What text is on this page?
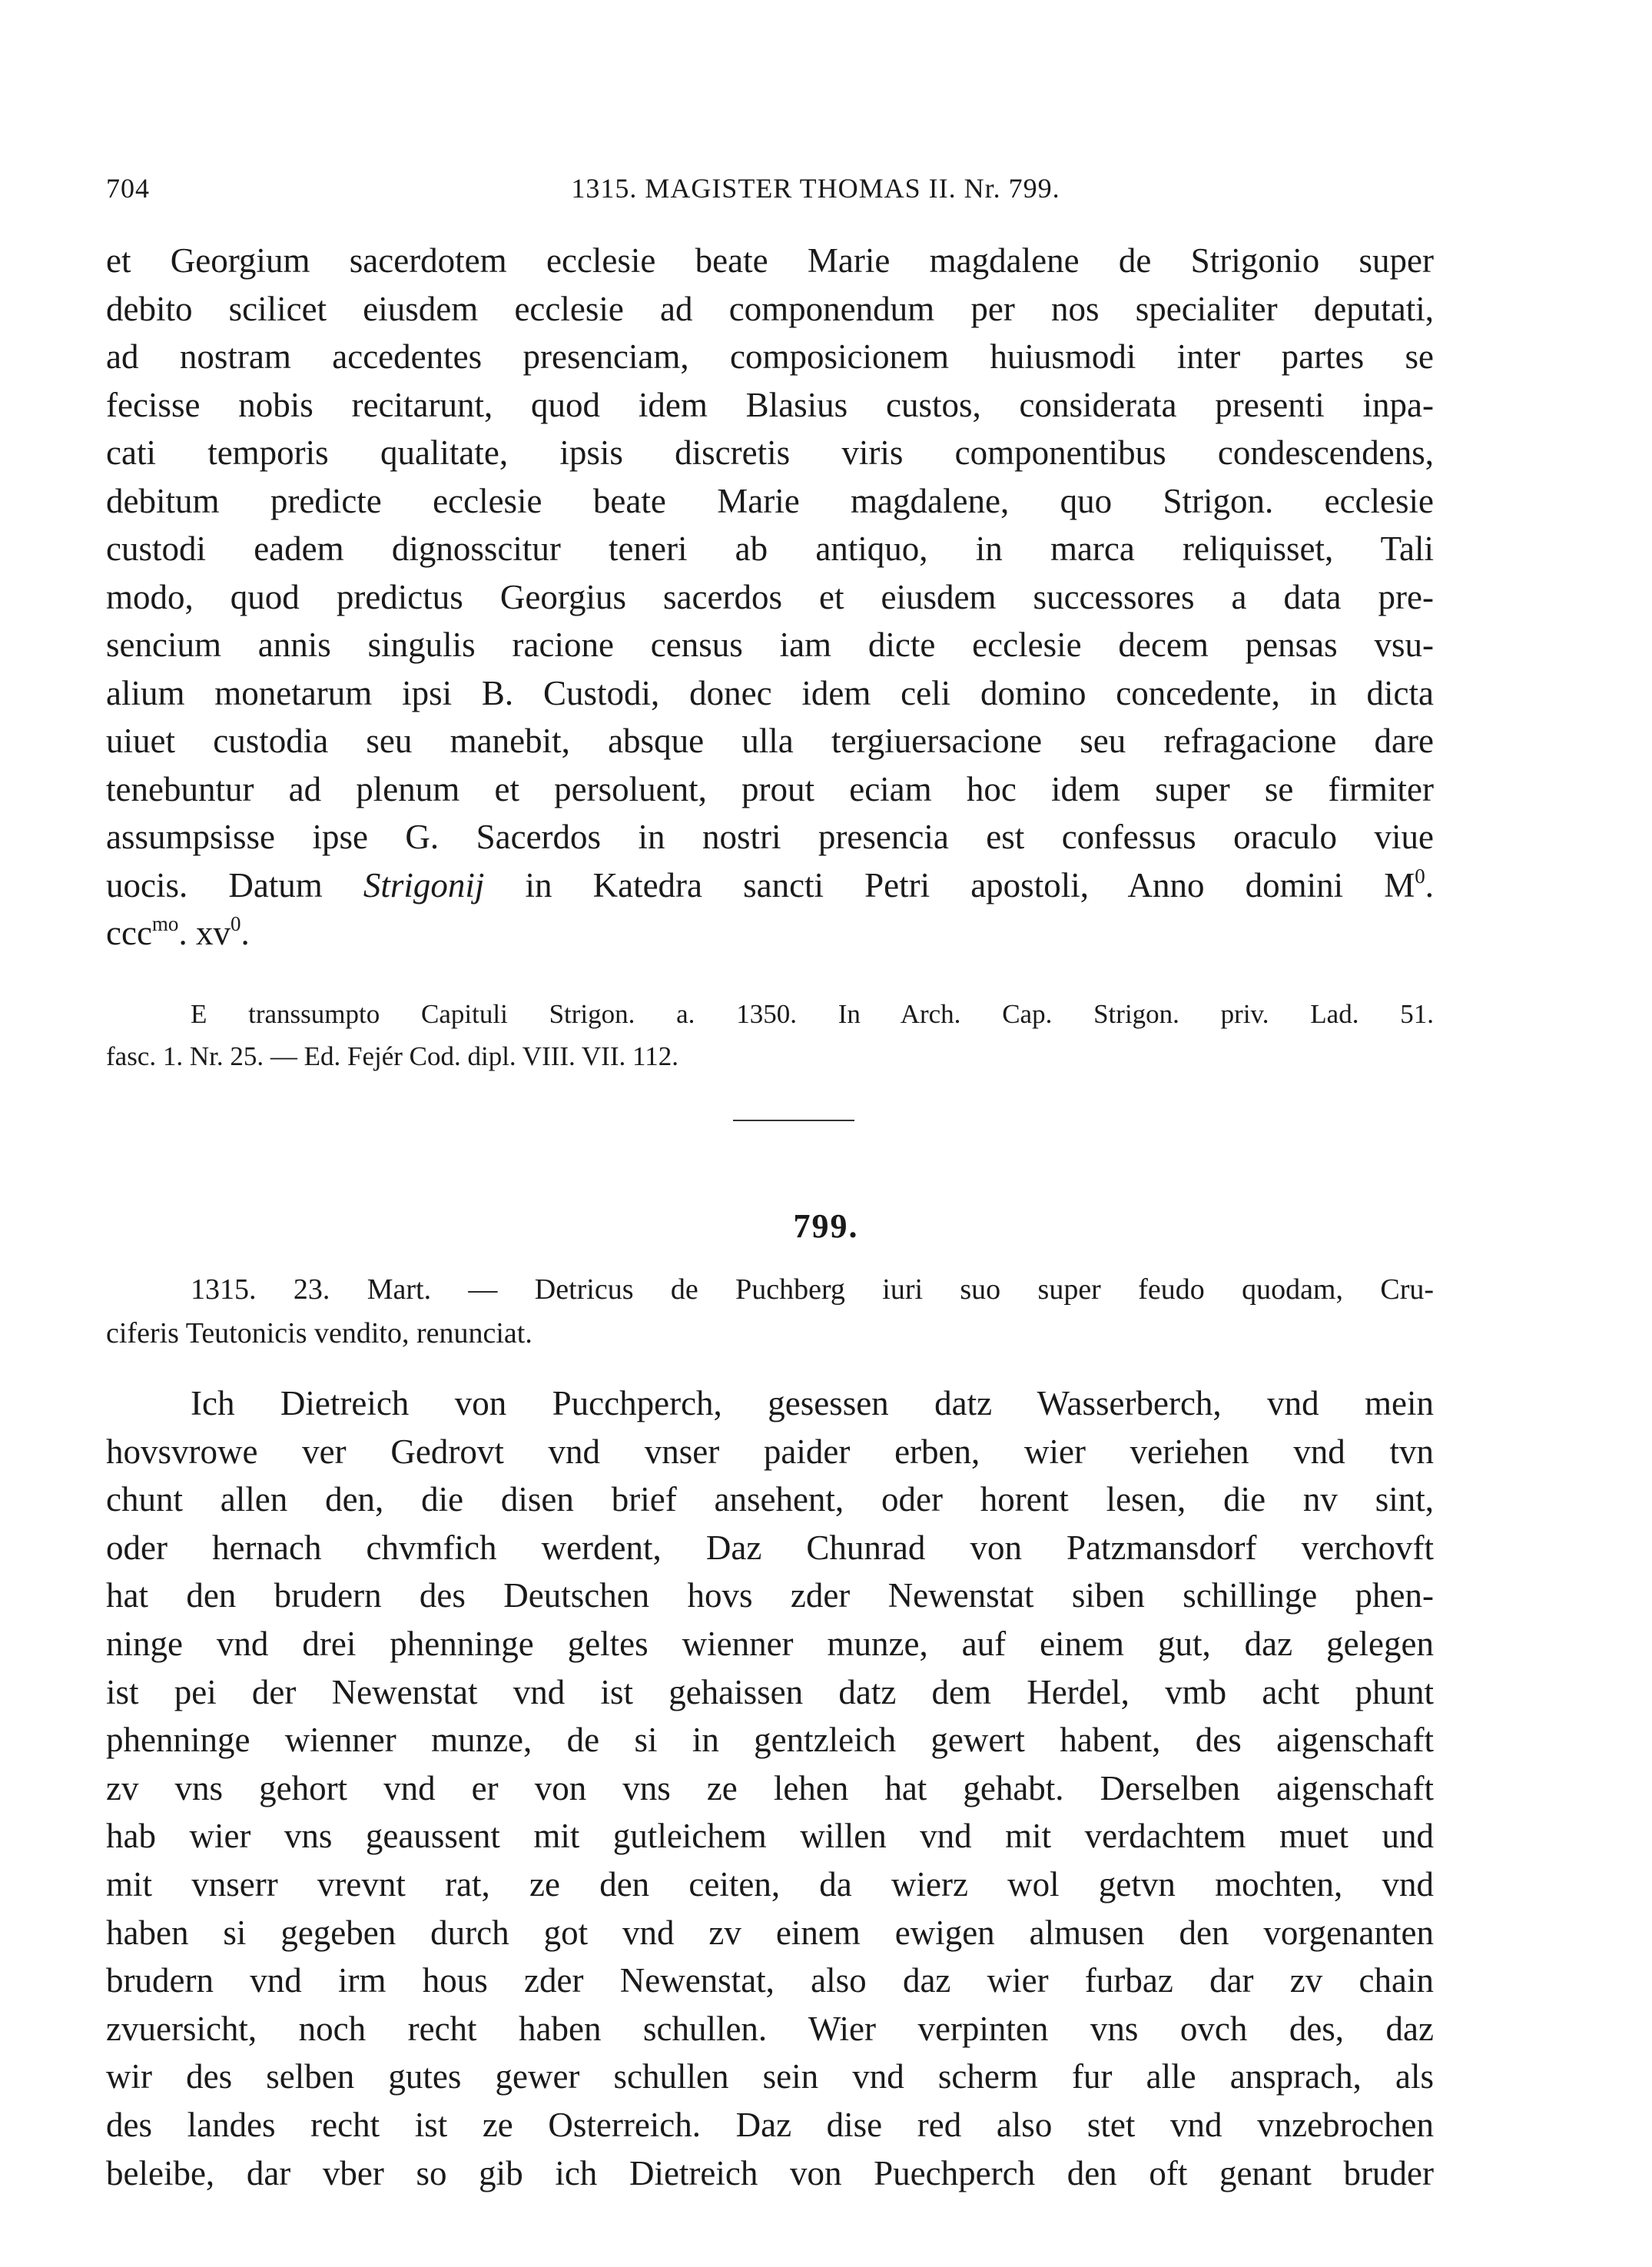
704	1315. MAGISTER THOMAS II. Nr. 799.
et Georgium sacerdotem ecclesie beate Marie magdalene de Strigonio super
debito scilicet eiusdem ecclesie ad componendum per nos specialiter deputati,
ad nostram accedentes presenciam, composicionem huiusmodi inter partes se
fecisse nobis recitarunt, quod idem Blasius custos, considerata presenti inpa-
cati temporis qualitate, ipsis discretis viris componentibus condescendens,
debitum predicte ecclesie beate Marie magdalene, quo Strigon. ecclesie
custodi eadem dignosscitur teneri ab antiquo, in marca reliquisset, Tali
modo, quod predictus Georgius sacerdos et eiusdem successores a data pre-
sencium annis singulis racione census iam dicte ecclesie decem pensas vsu-
alium monetarum ipsi B. Custodi, donec idem celi domino concedente, in dicta
uiuet custodia seu manebit, absque ulla tergiuersacione seu refragacione dare
tenebuntur ad plenum et persoluent, prout eciam hoc idem super se firmiter
assumpsisse ipse G. Sacerdos in nostri presencia est confessus oraculo viue
uocis. Datum Strigonij in Katedra sancti Petri apostoli, Anno domini $M^0$.
ccc$^{mo}$. $xv^0$.
E transsumpto Capituli Strigon. a. 1350. In Arch. Cap. Strigon. priv. Lad. 51.
fasc. 1. Nr. 25. — Ed. Fejér Cod. dipl. VIII. VII. 112.
799.
1315. 23. Mart. — Detricus de Puchberg iuri suo super feudo quodam, Cru-
ciferis Teutonicis vendito, renunciat.
Ich Dietreich von Pucchperch, gesessen datz Wasserberch, vnd mein
hovsvrowe ver Gedrovt vnd vnser paider erben, wier veriehen vnd tvn
chunt allen den, die disen brief ansehent, oder horent lesen, die nv sint,
oder hernach chvmfich werdent, Daz Chunrad von Patzmansdorf verchovft
hat den brudern des Deutschen hovs zder Newenstat siben schillinge phen-
ninge vnd drei phenninge geltes wienner munze, auf einem gut, daz gelegen
ist pei der Newenstat vnd ist gehaissen datz dem Herdel, vmb acht phunt
phenninge wienner munze, de si in gentzleich gewert habent, des aigenschaft
zv vns gehort vnd er von vns ze lehen hat gehabt. Derselben aigenschaft
hab wier vns geaussent mit gutleichem willen vnd mit verdachtem muet und
mit vnserr vrevnt rat, ze den ceiten, da wierz wol getvn mochten, vnd
haben si gegeben durch got vnd zv einem ewigen almusen den vorgenanten
brudern vnd irm hous zder Newenstat, also daz wier furbaz dar zv chain
zvuersicht, noch recht haben schullen. Wier verpinten vns ovch des, daz
wir des selben gutes gewer schullen sein vnd scherm fur alle ansprach, als
des landes recht ist ze Osterreich. Daz dise red also stet vnd vnzebrochen
beleibe, dar vber so gib ich Dietreich von Puechperch den oft genant bruder
